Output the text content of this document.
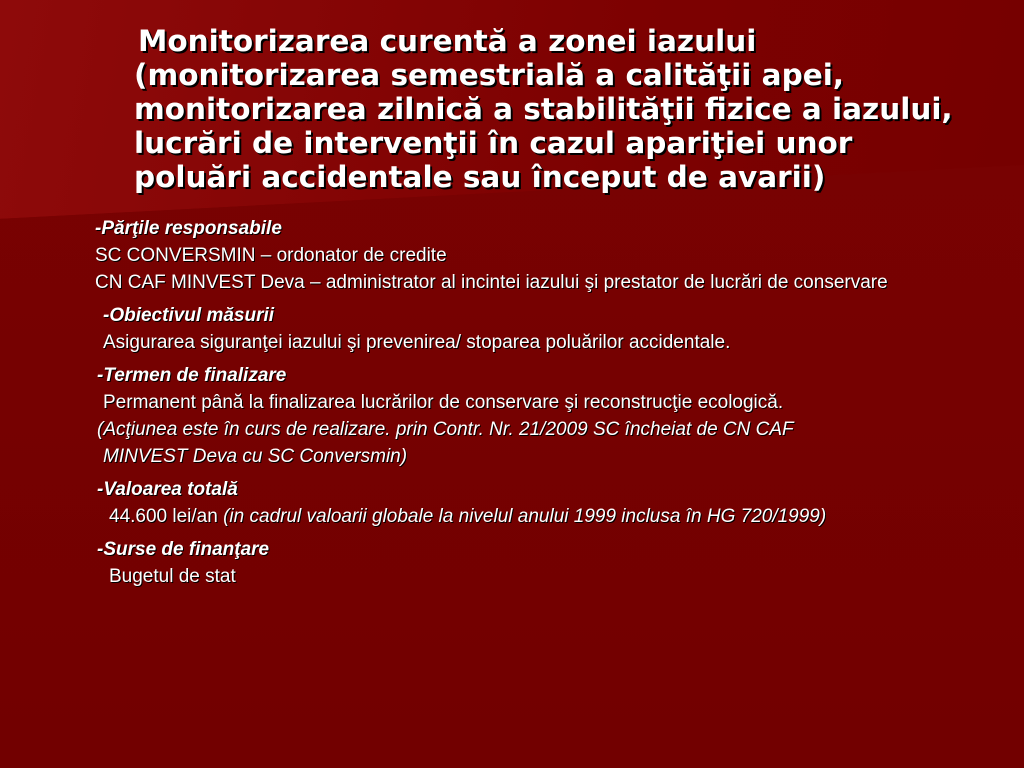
Monitorizarea curentă a zonei iazului
(monitorizarea semestrială a calităţii apei, monitorizarea zilnică a stabilităţii fizice a iazului, lucrări de intervenţii în cazul apariţiei unor poluări accidentale sau început de avarii)
-Părţile responsabile
SC CONVERSMIN – ordonator de credite
CN CAF MINVEST Deva – administrator al incintei iazului şi prestator de lucrări de conservare
-Obiectivul măsurii
Asigurarea siguranţei iazului şi prevenirea/ stoparea poluărilor accidentale.
-Termen de finalizare
Permanent până la finalizarea lucrărilor de conservare şi reconstrucţie ecologică.
(Acţiunea este în curs de realizare. prin Contr. Nr. 21/2009 SC încheiat de CN CAF
MINVEST Deva cu SC Conversmin)
-Valoarea totală
44.600 lei/an (in cadrul valoarii globale la nivelul anului 1999 inclusa în HG 720/1999)
-Surse de finanţare
Bugetul de stat
